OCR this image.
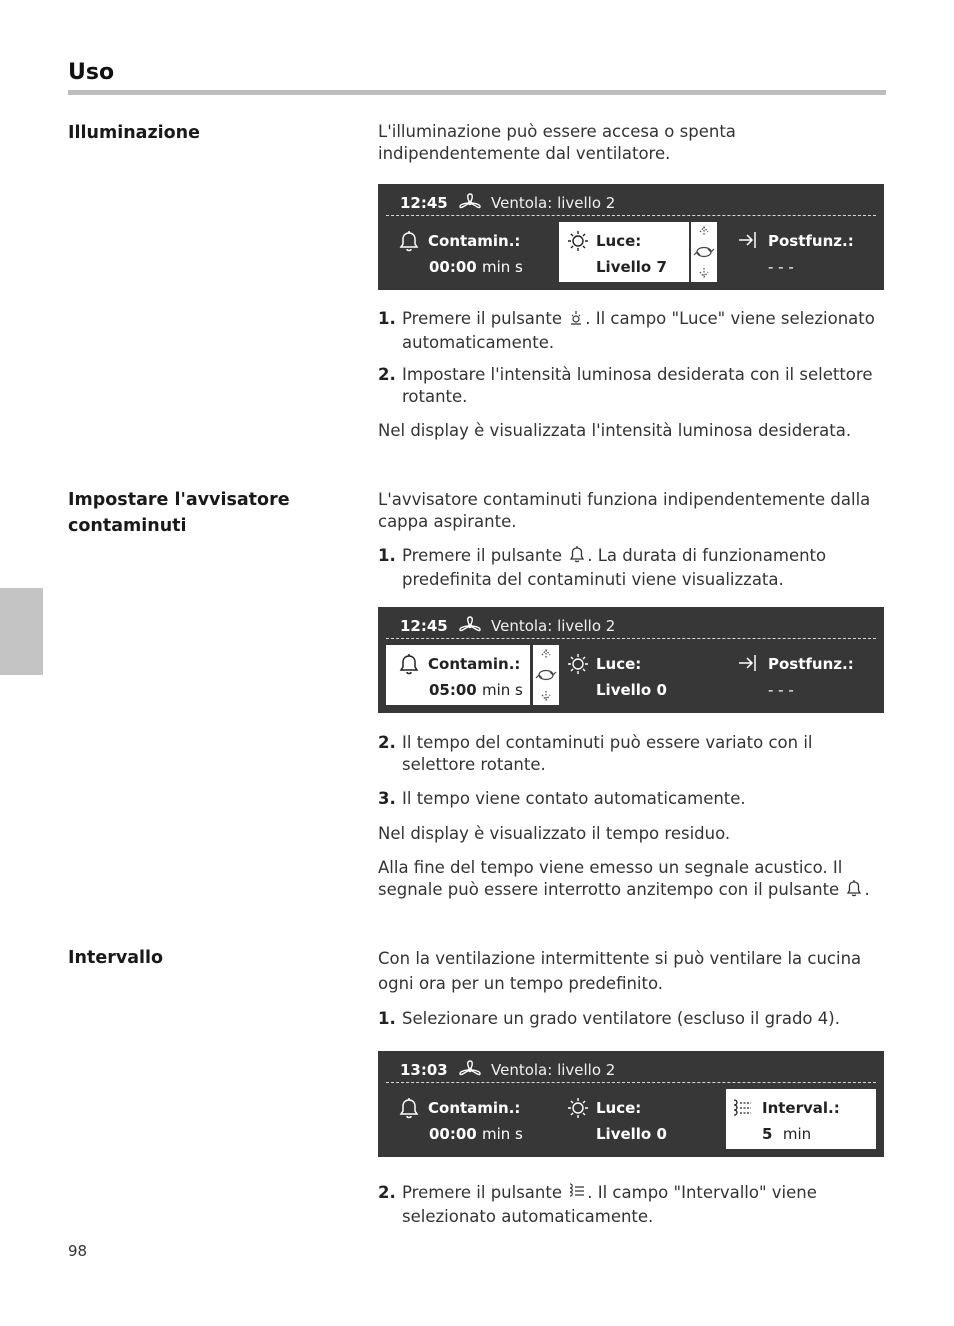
Uso
Illuminazione	L'illuminazione può essere accesa o spenta
indipendentemente dal ventilatore.
12:45	Ventola: livello 2
Contamin.:
00:00 min s
Luce:
Livello 7
Postfunz.:
- - -
1. Premere il pulsante . Il campo "Luce" viene selezionato
automaticamente.
2. Impostare l'intensità luminosa desiderata con il selettore
rotante.
Nel display è visualizzata l'intensità luminosa desiderata.
Impostare l'avvisatore
contaminuti
L'avvisatore contaminuti funziona indipendentemente dalla
cappa aspirante.
1. Premere il pulsante . La durata di funzionamento
predefinita del contaminuti viene visualizzata.
12:45	Ventola: livello 2
Contamin.:
05:00 min s
Luce:
Livello 0
Postfunz.:
- - -
2. Il tempo del contaminuti può essere variato con il
selettore rotante.
3. Il tempo viene contato automaticamente.
Nel display è visualizzato il tempo residuo.
Alla fine del tempo viene emesso un segnale acustico. Il
segnale può essere interrotto anzitempo con il pulsante .
Intervallo	Con la ventilazione intermittente si può ventilare la cucina
ogni ora per un tempo predefinito.
1. Selezionare un grado ventilatore (escluso il grado 4).
13:03	Ventola: livello 2
Contamin.:
00:00 min s
Luce:
Livello 0
Interval.:
5 min
2. Premere il pulsante . Il campo "Intervallo" viene
selezionato automaticamente.
98
